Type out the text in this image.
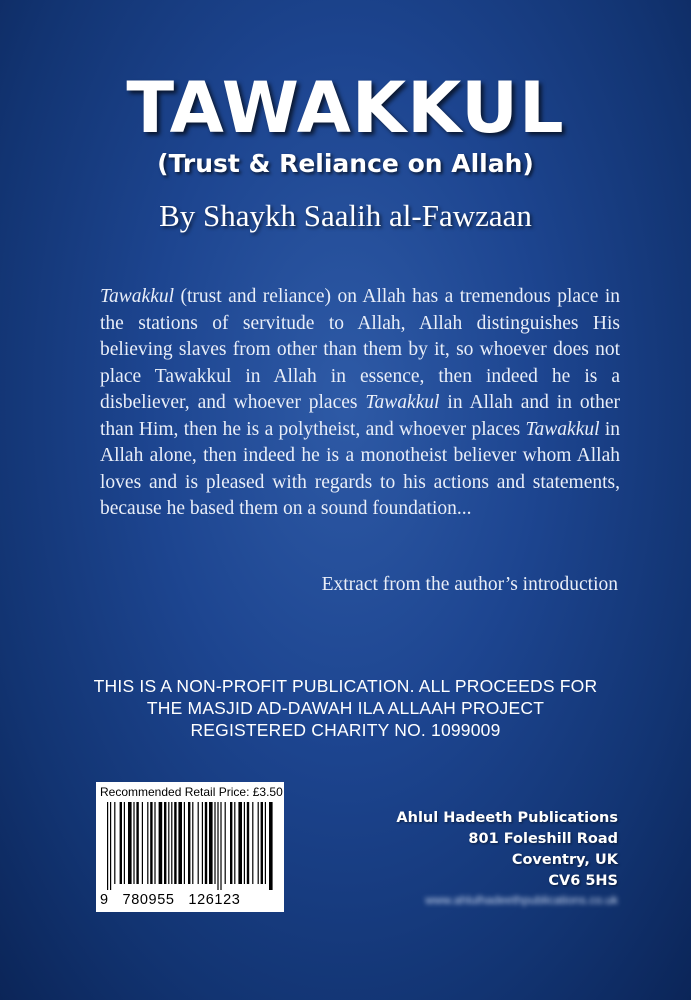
TAWAKKUL
(Trust & Reliance on Allah)
By Shaykh Saalih al-Fawzaan

Tawakkul (trust and reliance) on Allah has a tremendous place in the stations of servitude to Allah, Allah distinguishes His believing slaves from other than them by it, so whoever does not place Tawakkul in Allah in essence, then indeed he is a disbeliever, and whoever places Tawakkul in Allah and in other than Him, then he is a polytheist, and whoever places Tawakkul in Allah alone, then indeed he is a monotheist believer whom Allah loves and is pleased with regards to his actions and statements, because he based them on a sound foundation...

Extract from the author’s introduction
THIS IS A NON-PROFIT PUBLICATION. ALL PROCEEDS FOR
THE MASJID AD-DAWAH ILA ALLAAH PROJECT
REGISTERED CHARITY NO. 1099009
Recommended Retail Price: £3.50
9   780955   126123
Ahlul Hadeeth Publications
801 Foleshill Road
Coventry, UK
CV6 5HS
www.ahlulhadeethpublications.co.uk
